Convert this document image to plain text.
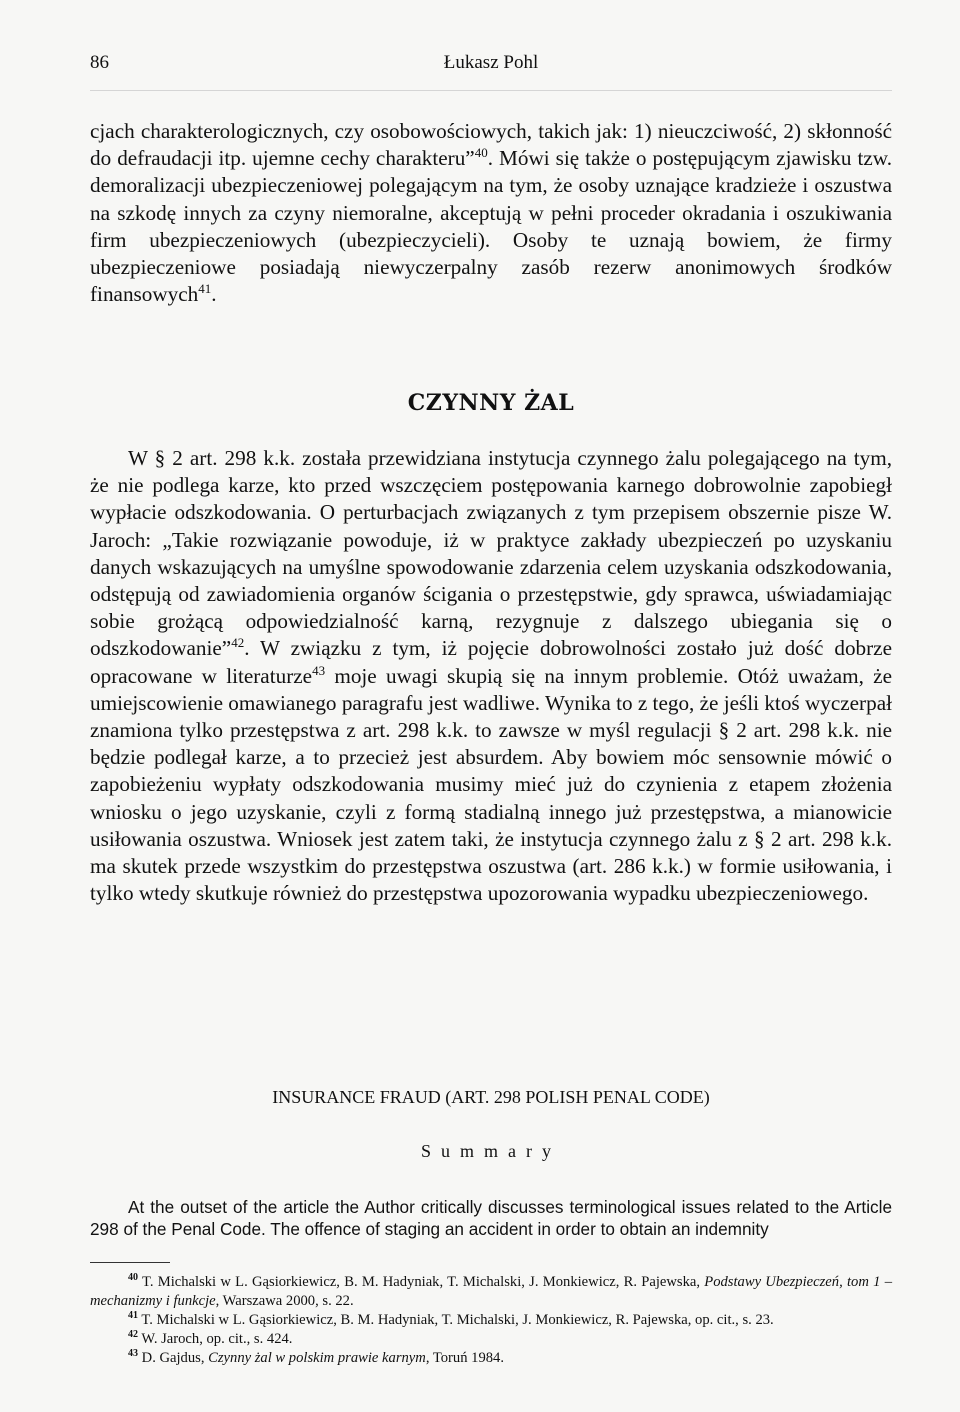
86	Łukasz Pohl

cjach charakterologicznych, czy osobowościowych, takich jak: 1) nieuczciwość, 2) skłonność do defraudacji itp. ujemne cechy charakteru”$^{40}$. Mówi się także o postępującym zjawisku tzw. demoralizacji ubezpieczeniowej polegającym na tym, że osoby uznające kradzieże i oszustwa na szkodę innych za czyny niemoralne, akceptują w pełni proceder okradania i oszukiwania firm ubezpieczeniowych (ubezpieczycieli). Osoby te uznają bowiem, że firmy ubezpieczeniowe posiadają niewyczerpalny zasób rezerw anonimowych środków finansowych$^{41}$.

CZYNNY ŻAL

W § 2 art. 298 k.k. została przewidziana instytucja czynnego żalu polegającego na tym, że nie podlega karze, kto przed wszczęciem postępowania karnego dobrowolnie zapobiegł wypłacie odszkodowania. O perturbacjach związanych z tym przepisem obszernie pisze W. Jaroch: „Takie rozwiązanie powoduje, iż w praktyce zakłady ubezpieczeń po uzyskaniu danych wskazujących na umyślne spowodowanie zdarzenia celem uzyskania odszkodowania, odstępują od zawiadomienia organów ścigania o przestępstwie, gdy sprawca, uświadamiając sobie grożącą odpowiedzialność karną, rezygnuje z dalszego ubiegania się o odszkodowanie”$^{42}$. W związku z tym, iż pojęcie dobrowolności zostało już dość dobrze opracowane w literaturze$^{43}$ moje uwagi skupią się na innym problemie. Otóż uważam, że umiejscowienie omawianego paragrafu jest wadliwe. Wynika to z tego, że jeśli ktoś wyczerpał znamiona tylko przestępstwa z art. 298 k.k. to zawsze w myśl regulacji § 2 art. 298 k.k. nie będzie podlegał karze, a to przecież jest absurdem. Aby bowiem móc sensownie mówić o zapobieżeniu wypłaty odszkodowania musimy mieć już do czynienia z etapem złożenia wniosku o jego uzyskanie, czyli z formą stadialną innego już przestępstwa, a mianowicie usiłowania oszustwa. Wniosek jest zatem taki, że instytucja czynnego żalu z § 2 art. 298 k.k. ma skutek przede wszystkim do przestępstwa oszustwa (art. 286 k.k.) w formie usiłowania, i tylko wtedy skutkuje również do przestępstwa upozorowania wypadku ubezpieczeniowego.

INSURANCE FRAUD (ART. 298 POLISH PENAL CODE)
Summary

At the outset of the article the Author critically discusses terminological issues related to the Article 298 of the Penal Code. The offence of staging an accident in order to obtain an indemnity

$^{40}$ T. Michalski w L. Gąsiorkiewicz, B. M. Hadyniak, T. Michalski, J. Monkiewicz, R. Pajewska, Podstawy Ubezpieczeń, tom 1 – mechanizmy i funkcje, Warszawa 2000, s. 22.

$^{41}$ T. Michalski w L. Gąsiorkiewicz, B. M. Hadyniak, T. Michalski, J. Monkiewicz, R. Pajewska, op. cit., s. 23.

$^{42}$ W. Jaroch, op. cit., s. 424.

$^{43}$ D. Gajdus, Czynny żal w polskim prawie karnym, Toruń 1984.
